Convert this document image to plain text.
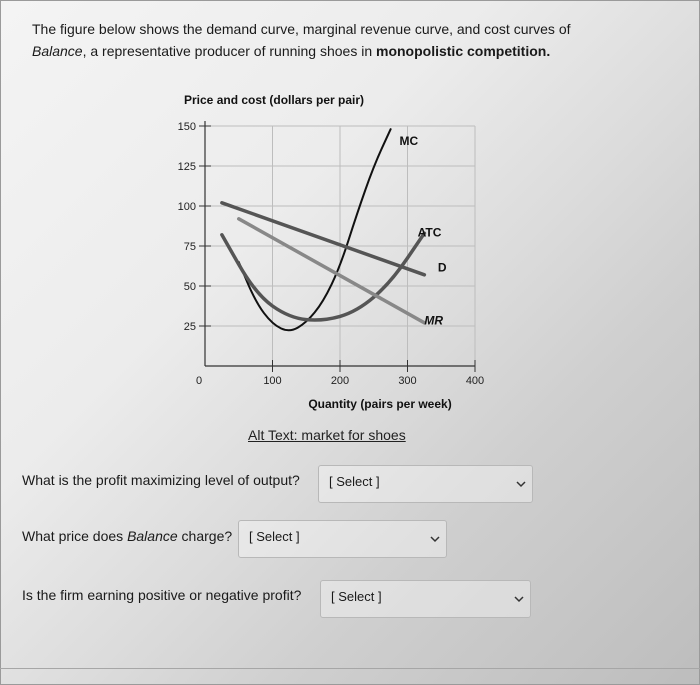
The figure below shows the demand curve, marginal revenue curve, and cost curves of
Balance, a representative producer of running shoes in monopolistic competition.
Price and cost (dollars per pair)
25
50
75
100
125
150
0	100	200	300	400
Quantity (pairs per week)
MC
ATC
D
MR
Alt Text: market for shoes
What is the profit maximizing level of output? [ Select ]
What price does Balance charge? [ Select ]
Is the firm earning positive or negative profit? [ Select ]
